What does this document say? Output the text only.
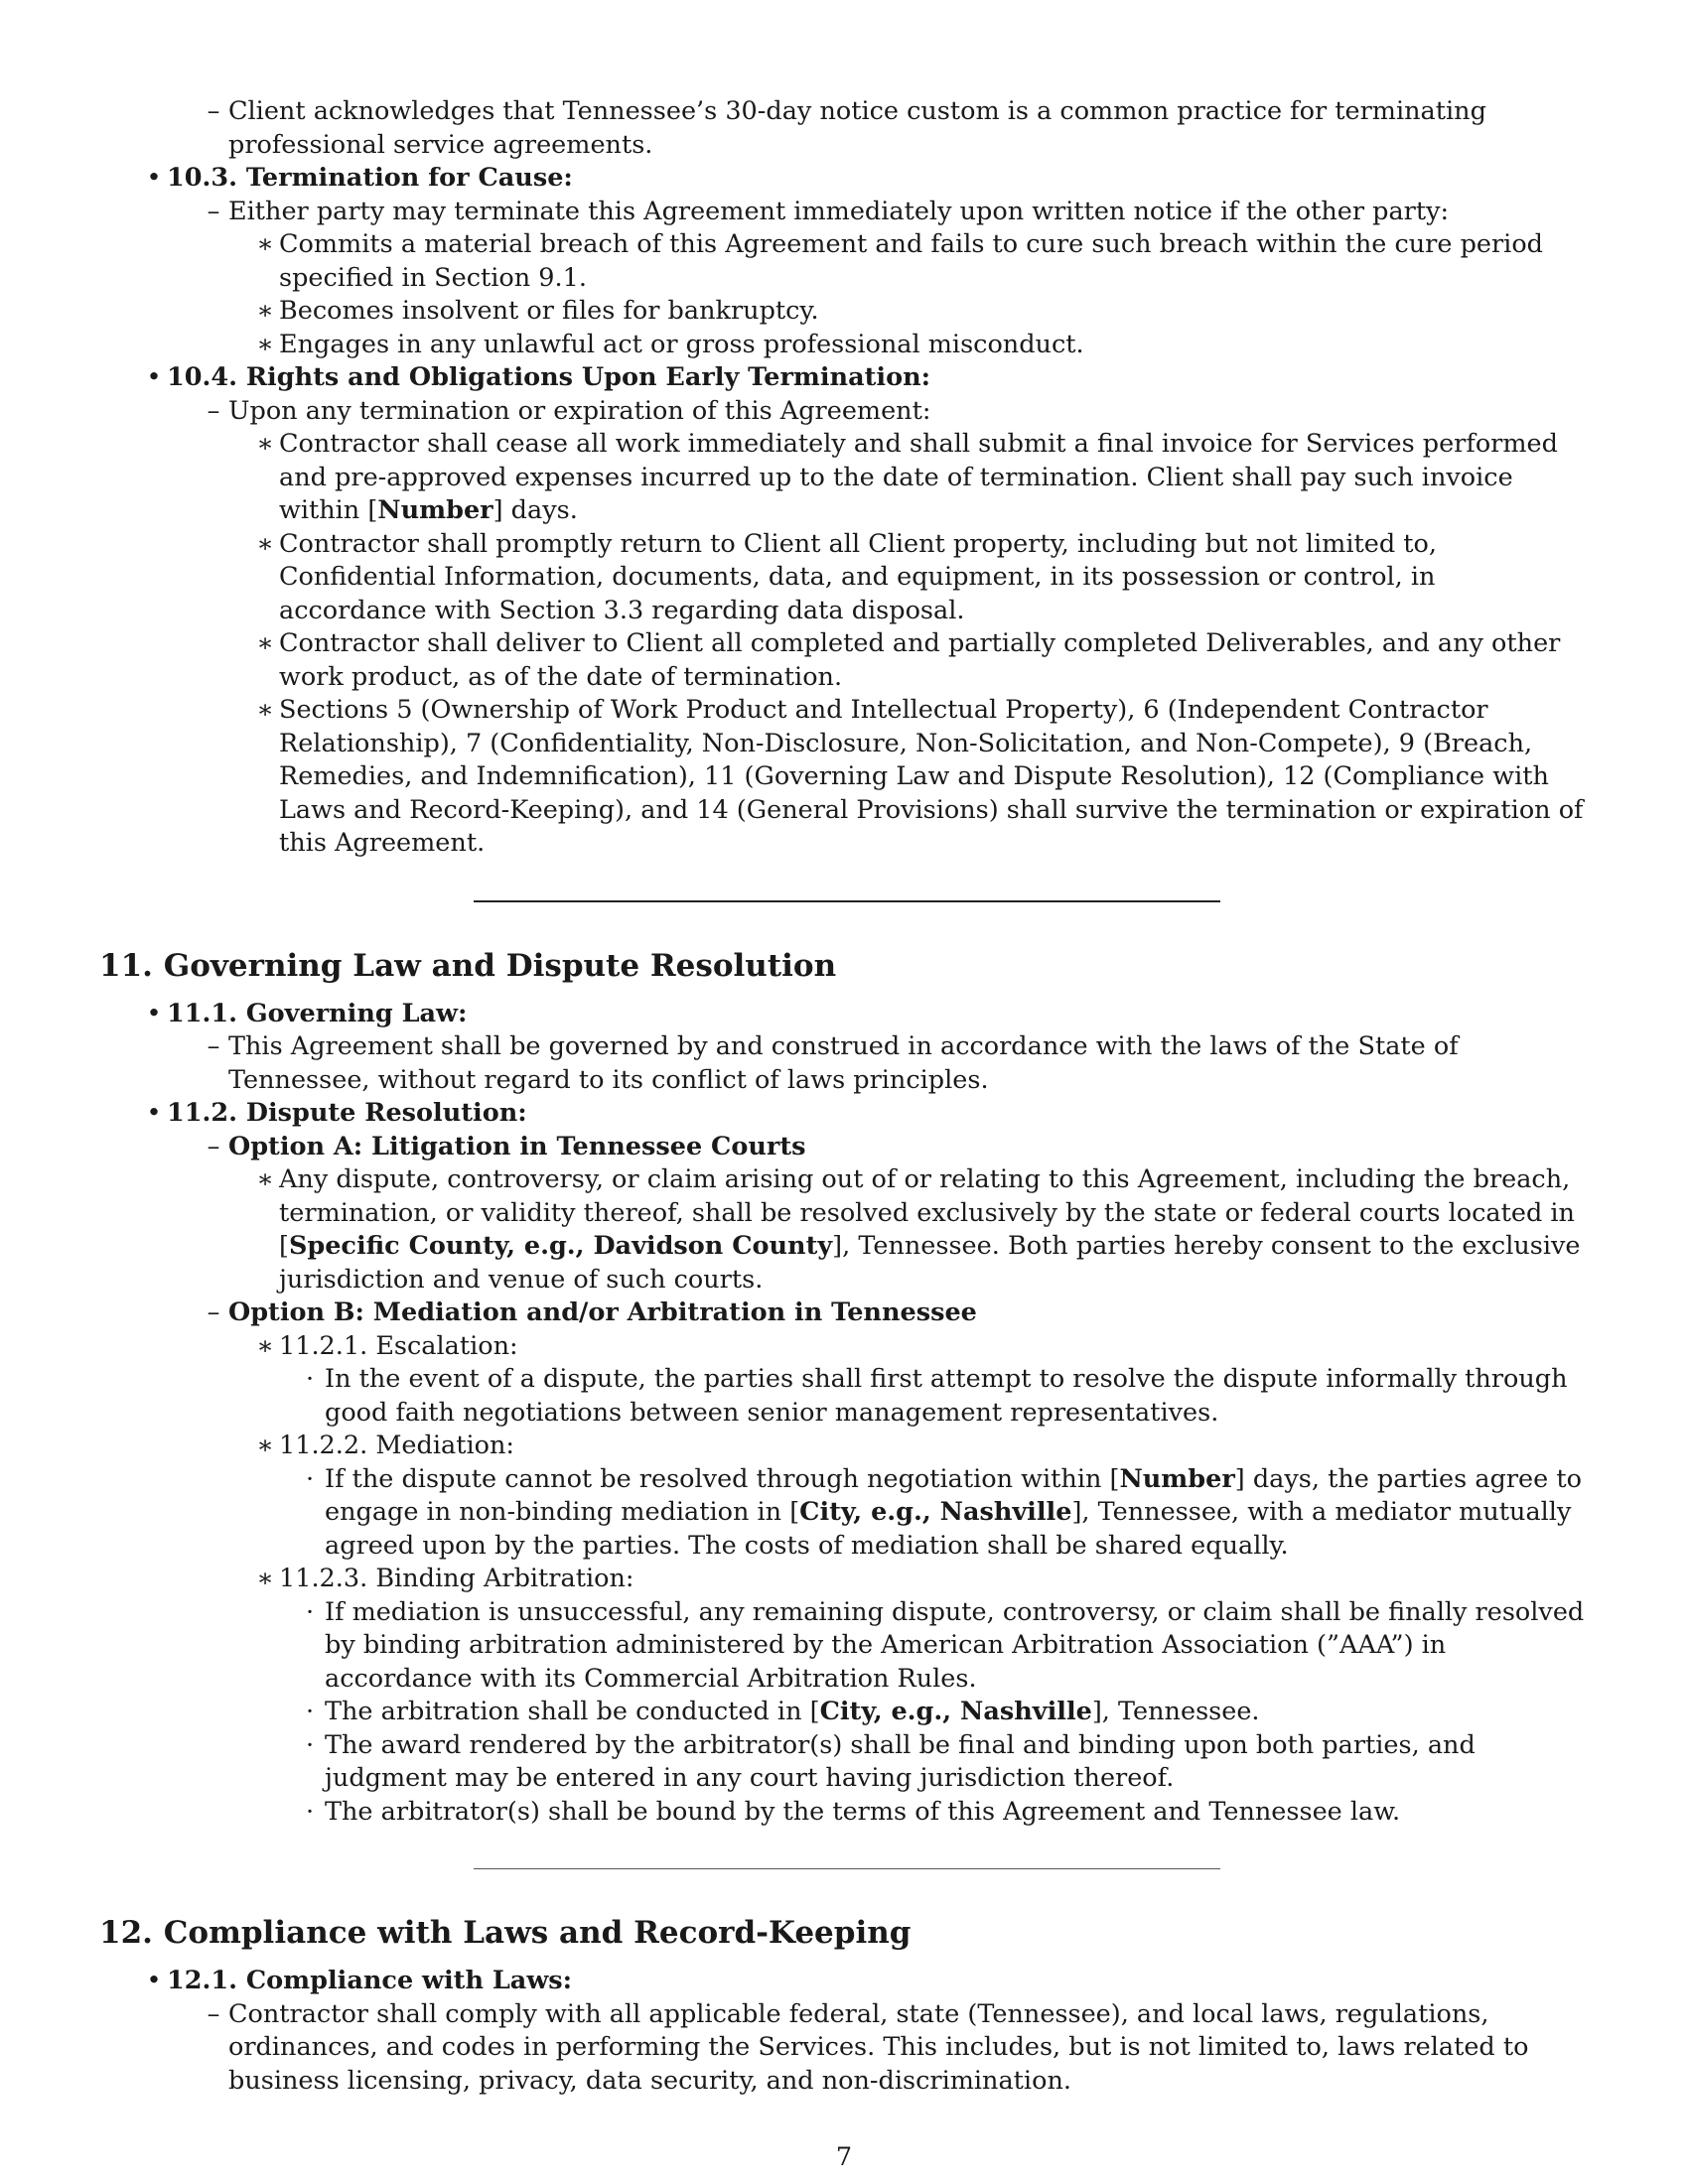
– Client acknowledges that Tennessee’s 30-day notice custom is a common practice for terminating professional service agreements.
• 10.3. Termination for Cause:
– Either party may terminate this Agreement immediately upon written notice if the other party:
∗ Commits a material breach of this Agreement and fails to cure such breach within the cure period specified in Section 9.1.
∗ Becomes insolvent or files for bankruptcy.
∗ Engages in any unlawful act or gross professional misconduct.
• 10.4. Rights and Obligations Upon Early Termination:
– Upon any termination or expiration of this Agreement:
∗ Contractor shall cease all work immediately and shall submit a final invoice for Services performed and pre-approved expenses incurred up to the date of termination. Client shall pay such invoice within [Number] days.
∗ Contractor shall promptly return to Client all Client property, including but not limited to, Confidential Information, documents, data, and equipment, in its possession or control, in accordance with Section 3.3 regarding data disposal.
∗ Contractor shall deliver to Client all completed and partially completed Deliverables, and any other work product, as of the date of termination.
∗ Sections 5 (Ownership of Work Product and Intellectual Property), 6 (Independent Contractor Relationship), 7 (Confidentiality, Non-Disclosure, Non-Solicitation, and Non-Compete), 9 (Breach, Remedies, and Indemnification), 11 (Governing Law and Dispute Resolution), 12 (Compliance with Laws and Record-Keeping), and 14 (General Provisions) shall survive the termination or expiration of this Agreement.
11. Governing Law and Dispute Resolution
• 11.1. Governing Law:
– This Agreement shall be governed by and construed in accordance with the laws of the State of Tennessee, without regard to its conflict of laws principles.
• 11.2. Dispute Resolution:
– Option A: Litigation in Tennessee Courts
∗ Any dispute, controversy, or claim arising out of or relating to this Agreement, including the breach, termination, or validity thereof, shall be resolved exclusively by the state or federal courts located in [Specific County, e.g., Davidson County], Tennessee. Both parties hereby consent to the exclusive jurisdiction and venue of such courts.
– Option B: Mediation and/or Arbitration in Tennessee
∗ 11.2.1. Escalation:
· In the event of a dispute, the parties shall first attempt to resolve the dispute informally through good faith negotiations between senior management representatives.
∗ 11.2.2. Mediation:
· If the dispute cannot be resolved through negotiation within [Number] days, the parties agree to engage in non-binding mediation in [City, e.g., Nashville], Tennessee, with a mediator mutually agreed upon by the parties. The costs of mediation shall be shared equally.
∗ 11.2.3. Binding Arbitration:
· If mediation is unsuccessful, any remaining dispute, controversy, or claim shall be finally resolved by binding arbitration administered by the American Arbitration Association (”AAA”) in accordance with its Commercial Arbitration Rules.
· The arbitration shall be conducted in [City, e.g., Nashville], Tennessee.
· The award rendered by the arbitrator(s) shall be final and binding upon both parties, and judgment may be entered in any court having jurisdiction thereof.
· The arbitrator(s) shall be bound by the terms of this Agreement and Tennessee law.
12. Compliance with Laws and Record-Keeping
• 12.1. Compliance with Laws:
– Contractor shall comply with all applicable federal, state (Tennessee), and local laws, regulations, ordinances, and codes in performing the Services. This includes, but is not limited to, laws related to business licensing, privacy, data security, and non-discrimination.
7
